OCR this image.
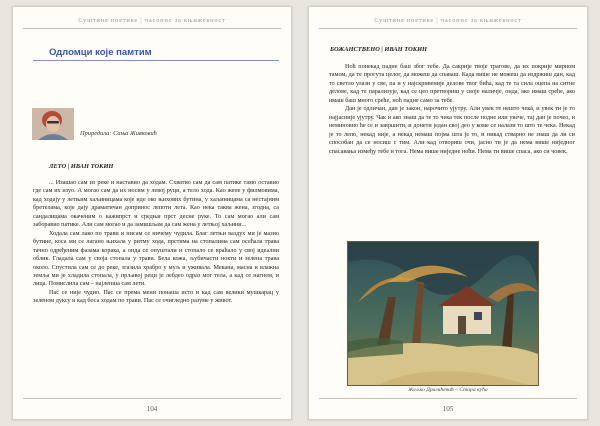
Суштина поетике | часопис за књижевност
Одломци које памтим
Приредила: Сања Живковић
ЛЕТО | ИВАН ТОКИН

... Изашао сам из реке и наставио да ходам. Схватио сам да сам патике тамо оставио где сам их изуо. А могао сам да их носим у левој руци, а тело хода. Као жене у филмовима, кад ходају у летњим хаљиницама које иде око њихових бутина, у хаљиницама са нестајним бретелама, које дају драматичан допринос лепоти лета. Као нека таква жена, згодна, са сандалицама окаченим о кажипрст и средњи прст десне руке. То сам могао али сам заборавио патике. Али сам могао и да замишљам да сам жена у летњој хаљини...

Ходала сам лако по трави и нисам се ничему чудила. Благ летњи ваздух ми је мазио бутине, коса ми се лагано њихала у ритму хода, прстима на стопалима сам осећала трава тачно одређеним фазама корака, а онда се опуштали и стопало се враћало у свој идеални облик. Гладала сам у своја стопала у трави. Бела кожа, љубичасти нокти и зелена трава около. Спустила сам се до реке, згазила храбро у муљ и уживала. Мекана, масна и влажна земља ми је хладила стопала, у прљавој реци је лебдео одраз мог тела, а кад се нагнем, и лица. Помислила сам – најлепша сам лети.

Пас се није чудио. Пас се према мени понаша исто и кад сам велики мушкарац у зеленом дуксу и кад боса ходам по трави. Пас се очигледно разуме у живот.

104
Суштина поетике | часопис за књижевност
БОЖАНСТВЕНО | ИВАН ТОКИН

Ноћ понекад падне баш због тебе. Да сакрије твоје трагове, да их покрије мирном тамом, да те прогута целог, да можеш да спаваш. Када више не можеш да издржиш дан, кад то светло улази у све, па и у најскривеније делове твог бића, кад те та сила оцепа на ситне делове, кад те парализује, кад се цео претвориш у своје наличје, онда, ако имаш среће, ако имаш баш много среће, ноћ падне само за тебе.

Дан је одличан, дан је закон, нарочито ујутру. Али увек те нешто чека, и увек ти је то најјасније ујутру. Чак и ако знаш да те то чека тек после подне или увече, тај дан је почео, и неминовно ће се и завршити, и донети један свој део у коме се налази то што те чека. Некад је то лепо, некад није, а некад немаш појма шта је то, и никад стварно не знаш да ли си способан да се носиш с тим. Али кад отвориш очи, јасно ти је да нема више ниједног спасавања између тебе и тога. Нема више ниједне ноћи. Нема ти више спаса, ако си човек.

Жељко Драгићевић – Стара кућа
105
